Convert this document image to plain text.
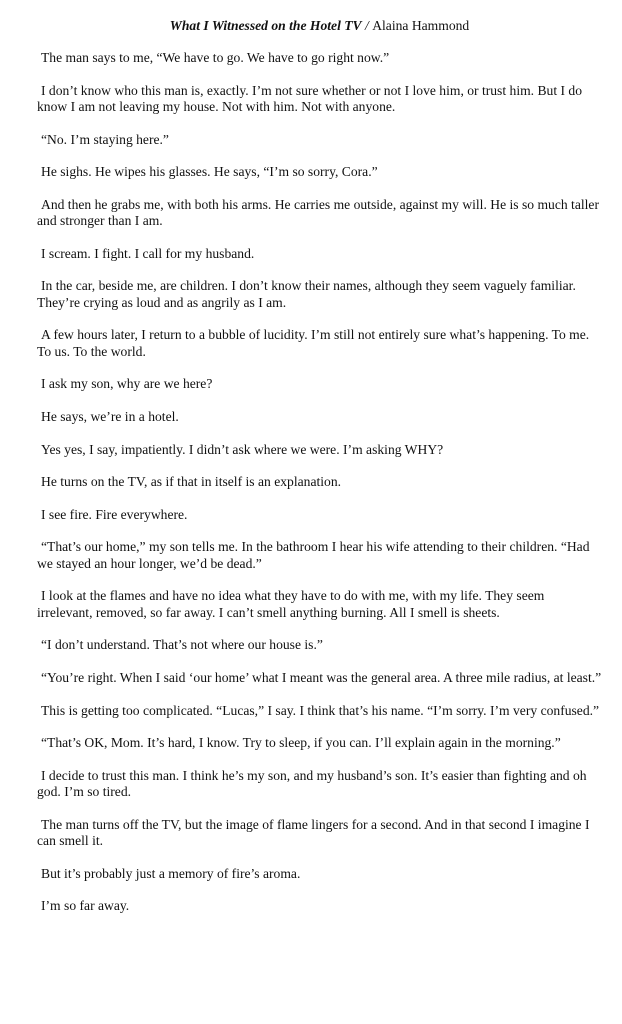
What I Witnessed on the Hotel TV / Alaina Hammond

The man says to me, “We have to go. We have to go right now.”

I don’t know who this man is, exactly. I’m not sure whether or not I love him, or trust him. But I do know I am not leaving my house. Not with him. Not with anyone.

“No. I’m staying here.”

He sighs. He wipes his glasses. He says, “I’m so sorry, Cora.”

And then he grabs me, with both his arms. He carries me outside, against my will. He is so much taller and stronger than I am.

I scream. I fight. I call for my husband.

In the car, beside me, are children. I don’t know their names, although they seem vaguely familiar. They’re crying as loud and as angrily as I am.

A few hours later, I return to a bubble of lucidity. I’m still not entirely sure what’s happening. To me. To us. To the world.

I ask my son, why are we here?

He says, we’re in a hotel.

Yes yes, I say, impatiently. I didn’t ask where we were. I’m asking WHY?

He turns on the TV, as if that in itself is an explanation.

I see fire. Fire everywhere.

“That’s our home,” my son tells me. In the bathroom I hear his wife attending to their children. “Had we stayed an hour longer, we’d be dead.”

I look at the flames and have no idea what they have to do with me, with my life. They seem irrelevant, removed, so far away. I can’t smell anything burning. All I smell is sheets.

“I don’t understand. That’s not where our house is.”

“You’re right. When I said ‘our home’ what I meant was the general area. A three mile radius, at least.”

This is getting too complicated. “Lucas,” I say. I think that’s his name. “I’m sorry. I’m very confused.”

“That’s OK, Mom. It’s hard, I know. Try to sleep, if you can. I’ll explain again in the morning.”

I decide to trust this man. I think he’s my son, and my husband’s son. It’s easier than fighting and oh god. I’m so tired.

The man turns off the TV, but the image of flame lingers for a second. And in that second I imagine I can smell it.

But it’s probably just a memory of fire’s aroma.

I’m so far away.
